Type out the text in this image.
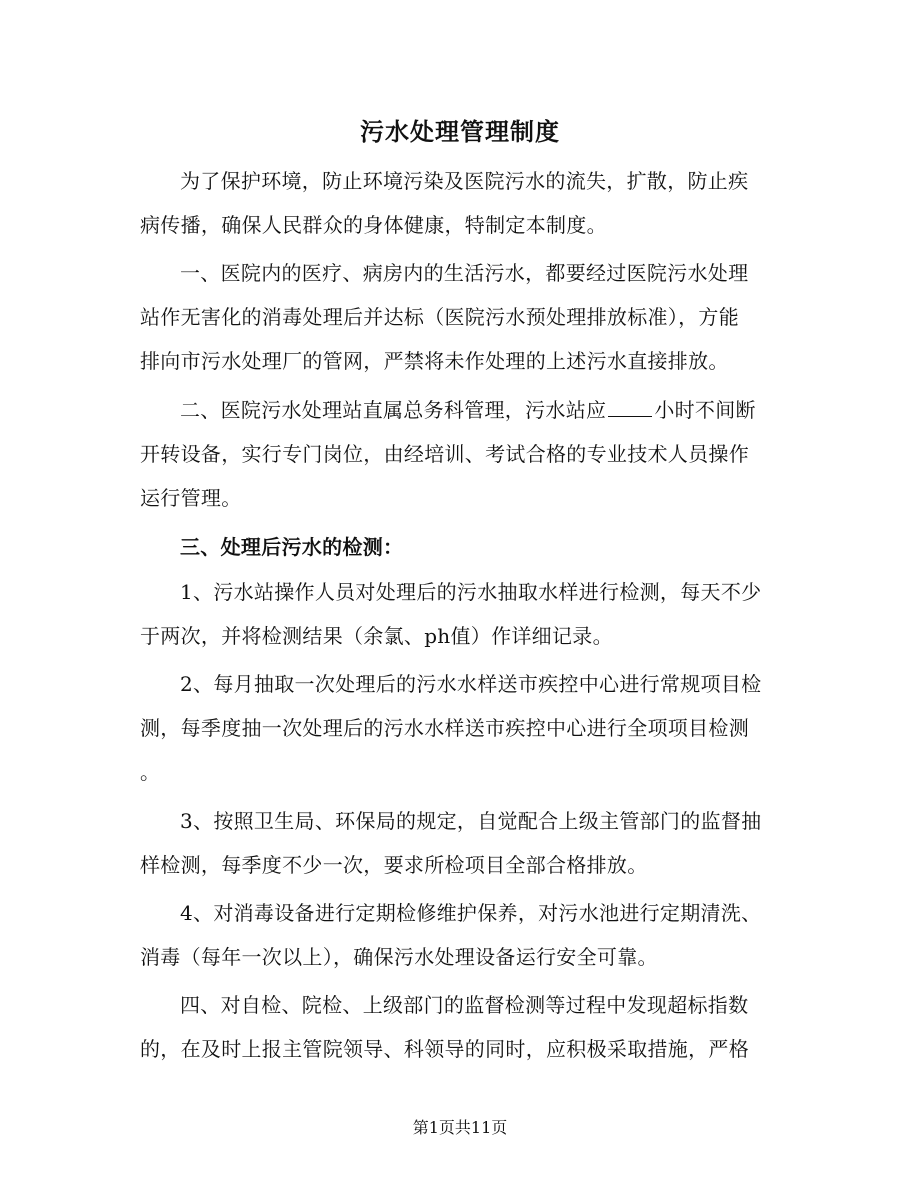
污水处理管理制度
为了保护环境，防止环境污染及医院污水的流失，扩散，防止疾
病传播，确保人民群众的身体健康，特制定本制度。
一、医院内的医疗、病房内的生活污水，都要经过医院污水处理
站作无害化的消毒处理后并达标（医院污水预处理排放标准），方能
排向市污水处理厂的管网，严禁将未作处理的上述污水直接排放。
二、医院污水处理站直属总务科管理，污水站应 小时不间断
开转设备，实行专门岗位，由经培训、考试合格的专业技术人员操作
运行管理。
三、处理后污水的检测：
1、污水站操作人员对处理后的污水抽取水样进行检测，每天不少
于两次，并将检测结果（余氯、ph值）作详细记录。
2、每月抽取一次处理后的污水水样送市疾控中心进行常规项目检
测，每季度抽一次处理后的污水水样送市疾控中心进行全项项目检测
。
3、按照卫生局、环保局的规定，自觉配合上级主管部门的监督抽
样检测，每季度不少一次，要求所检项目全部合格排放。
4、对消毒设备进行定期检修维护保养，对污水池进行定期清洗、
消毒（每年一次以上），确保污水处理设备运行安全可靠。
四、对自检、院检、上级部门的监督检测等过程中发现超标指数
的，在及时上报主管院领导、科领导的同时，应积极采取措施，严格
第1页共11页
